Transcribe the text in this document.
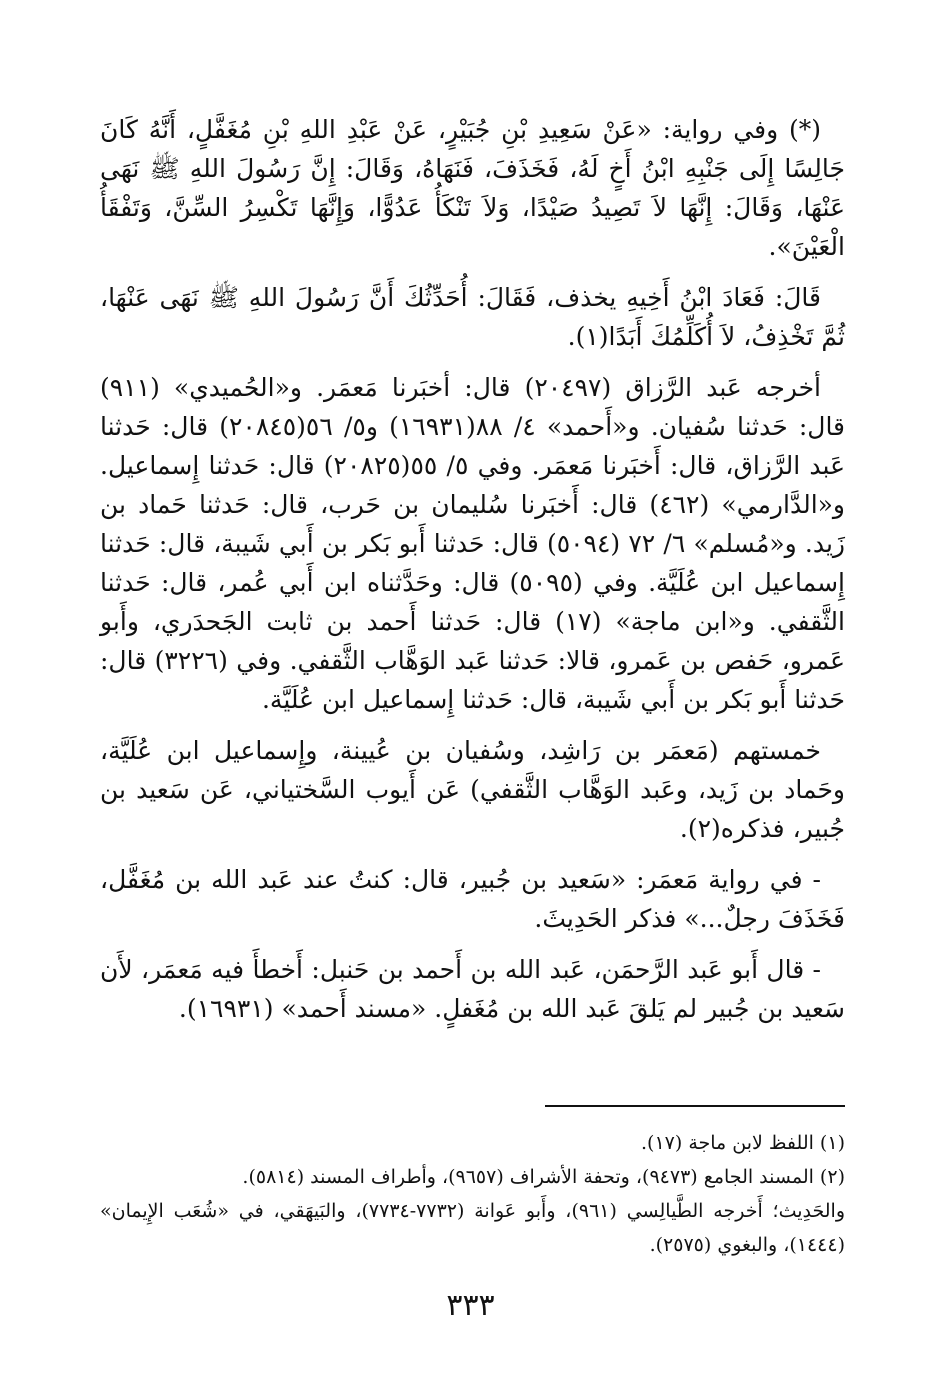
(*) وفي رواية: «عَنْ سَعِيدِ بْنِ جُبَيْرٍ، عَنْ عَبْدِ اللهِ بْنِ مُغَفَّلٍ، أَنَّهُ كَانَ جَالِسًا إِلَى جَنْبِهِ ابْنُ أَخٍ لَهُ، فَخَذَفَ، فَنَهَاهُ، وَقَالَ: إِنَّ رَسُولَ اللهِ ﷺ نَهَى عَنْهَا، وَقَالَ: إِنَّهَا لاَ تَصِيدُ صَيْدًا، وَلاَ تَنْكَأُ عَدُوًّا، وَإِنَّهَا تَكْسِرُ السِّنَّ، وَتَفْقَأُ الْعَيْنَ».

قَالَ: فَعَادَ ابْنُ أَخِيهِ يخذف، فَقَالَ: أُحَدِّثُكَ أَنَّ رَسُولَ اللهِ ﷺ نَهَى عَنْهَا، ثُمَّ تَخْذِفُ، لاَ أُكَلِّمُكَ أَبَدًا(١).

أخرجه عَبد الرَّزاق (٢٠٤٩٧) قال: أخبَرنا مَعمَر. و«الحُميدي» (٩١١) قال: حَدثنا سُفيان. و«أَحمد» ٤/ ٨٨(١٦٩٣١) و٥/ ٥٦(٢٠٨٤٥) قال: حَدثنا عَبد الرَّزاق، قال: أَخبَرنا مَعمَر. وفي ٥/ ٥٥(٢٠٨٢٥) قال: حَدثنا إِسماعيل. و«الدَّارمي» (٤٦٢) قال: أَخبَرنا سُليمان بن حَرب، قال: حَدثنا حَماد بن زَيد. و«مُسلم» ٦/ ٧٢ (٥٠٩٤) قال: حَدثنا أَبو بَكر بن أَبي شَيبة، قال: حَدثنا إِسماعيل ابن عُلَيَّة. وفي (٥٠٩٥) قال: وحَدَّثناه ابن أَبي عُمر، قال: حَدثنا الثَّقفي. و«ابن ماجة» (١٧) قال: حَدثنا أَحمد بن ثابت الجَحدَري، وأَبو عَمرو، حَفص بن عَمرو، قالا: حَدثنا عَبد الوَهَّاب الثَّقفي. وفي (٣٢٢٦) قال: حَدثنا أَبو بَكر بن أَبي شَيبة، قال: حَدثنا إِسماعيل ابن عُلَيَّة.

خمستهم (مَعمَر بن رَاشِد، وسُفيان بن عُيينة، وإِسماعيل ابن عُلَيَّة، وحَماد بن زَيد، وعَبد الوَهَّاب الثَّقفي) عَن أَيوب السَّختياني، عَن سَعيد بن جُبير، فذكره(٢).

- في رواية مَعمَر: «سَعيد بن جُبير، قال: كنتُ عند عَبد الله بن مُغَفَّل، فَخَذَفَ رجلٌ...» فذكر الحَدِيثَ.

- قال أَبو عَبد الرَّحمَن، عَبد الله بن أَحمد بن حَنبل: أَخطأَ فيه مَعمَر، لأَن سَعيد بن جُبير لم يَلقَ عَبد الله بن مُغَفلٍ. «مسند أَحمد» (١٦٩٣١).

(١) اللفظ لابن ماجة (١٧).

(٢) المسند الجامع (٩٤٧٣)، وتحفة الأشراف (٩٦٥٧)، وأطراف المسند (٥٨١٤).

والحَدِيث؛ أَخرجه الطَّيالِسي (٩٦١)، وأَبو عَوانة (٧٧٣٢-٧٧٣٤)، والبَيهَقي، في «شُعَب الإِيمان» (١٤٤٤)، والبغوي (٢٥٧٥).

٣٣٣
